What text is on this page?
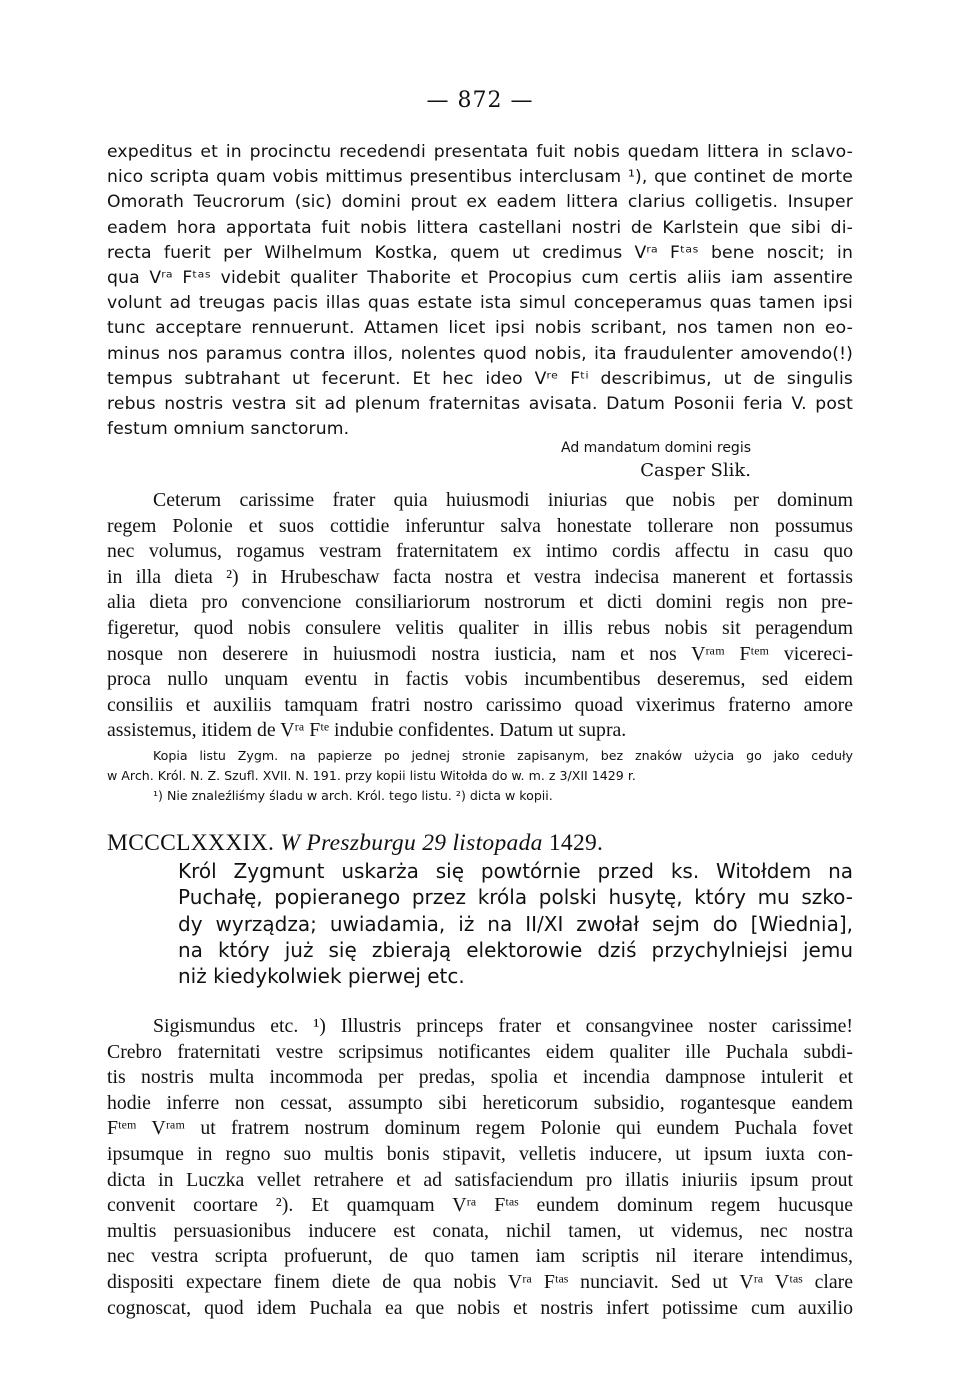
— 872 —
expeditus et in procinctu recedendi presentata fuit nobis quedam littera in sclavo-
nico scripta quam vobis mittimus presentibus interclusam ¹), que continet de morte
Omorath Teucrorum (sic) domini prout ex eadem littera clarius colligetis. Insuper
eadem hora apportata fuit nobis littera castellani nostri de Karlstein que sibi di-
recta fuerit per Wilhelmum Kostka, quem ut credimus Vʳᵃ Fᵗᵃˢ bene noscit; in
qua Vʳᵃ Fᵗᵃˢ videbit qualiter Thaborite et Procopius cum certis aliis iam assentire
volunt ad treugas pacis illas quas estate ista simul conceperamus quas tamen ipsi
tunc acceptare rennuerunt. Attamen licet ipsi nobis scribant, nos tamen non eo-
minus nos paramus contra illos, nolentes quod nobis, ita fraudulenter amovendo(!)
tempus subtrahant ut fecerunt. Et hec ideo Vʳᵉ Fᵗⁱ describimus, ut de singulis
rebus nostris vestra sit ad plenum fraternitas avisata. Datum Posonii feria V. post
festum omnium sanctorum.
Ad mandatum domini regis
Casper Slik.
Ceterum carissime frater quia huiusmodi iniurias que nobis per dominum
regem Polonie et suos cottidie inferuntur salva honestate tollerare non possumus
nec volumus, rogamus vestram fraternitatem ex intimo cordis affectu in casu quo
in illa dieta ²) in Hrubeschaw facta nostra et vestra indecisa manerent et fortassis
alia dieta pro convencione consiliariorum nostrorum et dicti domini regis non pre-
figeretur, quod nobis consulere velitis qualiter in illis rebus nobis sit peragendum
nosque non deserere in huiusmodi nostra iusticia, nam et nos Vʳᵃᵐ Fᵗᵉᵐ vicereci-
proca nullo unquam eventu in factis vobis incumbentibus deseremus, sed eidem
consiliis et auxiliis tamquam fratri nostro carissimo quoad vixerimus fraterno amore
assistemus, itidem de Vʳᵃ Fᵗᵉ indubie confidentes. Datum ut supra.
Kopia listu Zygm. na papierze po jednej stronie zapisanym, bez znaków użycia go jako ceduły
w Arch. Król. N. Z. Szufl. XVII. N. 191. przy kopii listu Witołda do w. m. z 3/XII 1429 r.
¹) Nie znaleźliśmy śladu w arch. Król. tego listu. ²) dicta w kopii.
MCCCLXXXIX. W Preszburgu 29 listopada 1429.
Król Zygmunt uskarża się powtórnie przed ks. Witołdem na
Puchałę, popieranego przez króla polski husytę, który mu szko-
dy wyrządza; uwiadamia, iż na II/XI zwołał sejm do [Wiednia],
na który już się zbierają elektorowie dziś przychylniejsi jemu
niż kiedykolwiek pierwej etc.
Sigismundus etc. ¹) Illustris princeps frater et consangvinee noster carissime!
Crebro fraternitati vestre scripsimus notificantes eidem qualiter ille Puchala subdi-
tis nostris multa incommoda per predas, spolia et incendia dampnose intulerit et
hodie inferre non cessat, assumpto sibi hereticorum subsidio, rogantesque eandem
Fᵗᵉᵐ Vʳᵃᵐ ut fratrem nostrum dominum regem Polonie qui eundem Puchala fovet
ipsumque in regno suo multis bonis stipavit, velletis inducere, ut ipsum iuxta con-
dicta in Luczka vellet retrahere et ad satisfaciendum pro illatis iniuriis ipsum prout
convenit coortare ²). Et quamquam Vʳᵃ Fᵗᵃˢ eundem dominum regem hucusque
multis persuasionibus inducere est conata, nichil tamen, ut videmus, nec nostra
nec vestra scripta profuerunt, de quo tamen iam scriptis nil iterare intendimus,
dispositi expectare finem diete de qua nobis Vʳᵃ Fᵗᵃˢ nunciavit. Sed ut Vʳᵃ Vᵗᵃˢ clare
cognoscat, quod idem Puchala ea que nobis et nostris infert potissime cum auxilio
